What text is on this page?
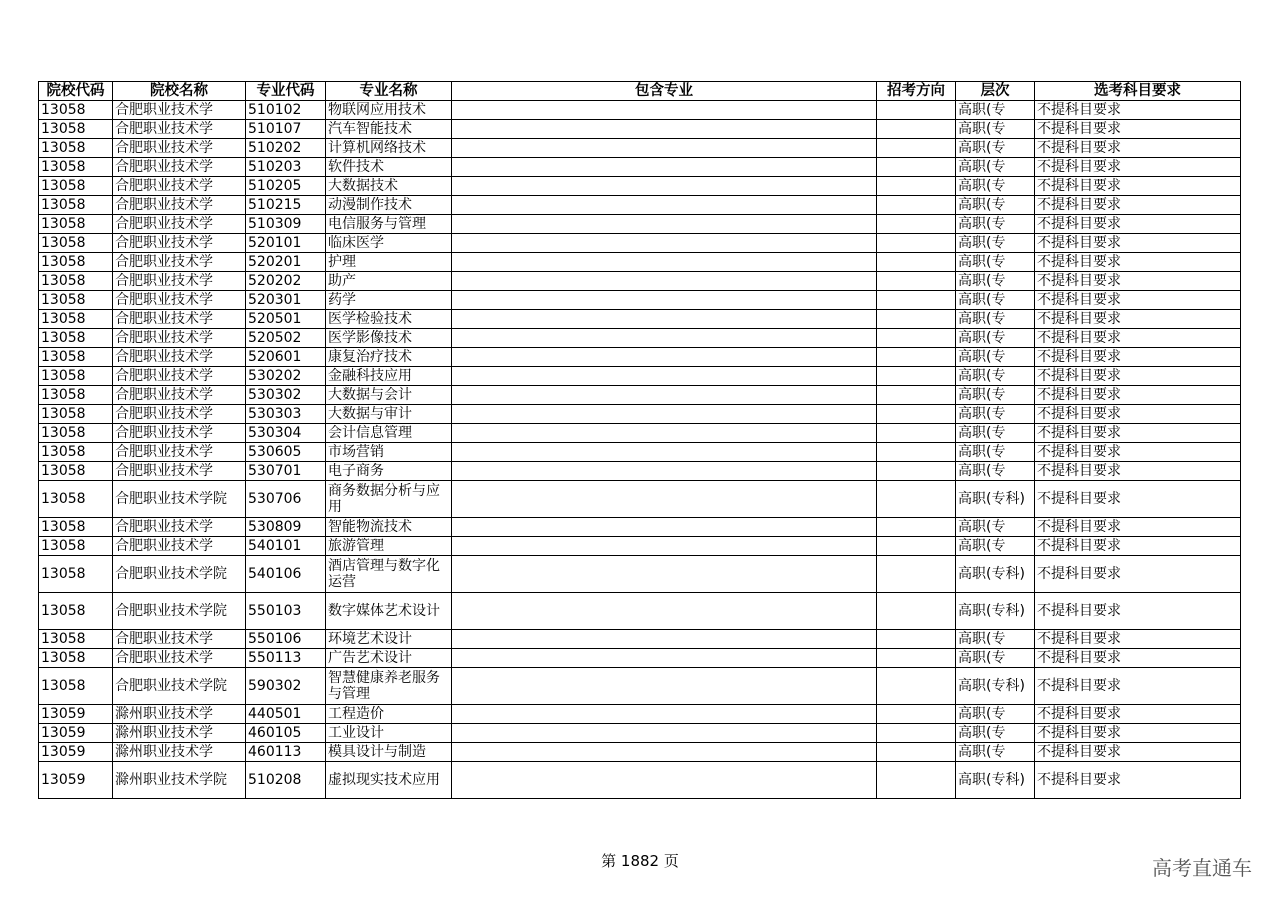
院校代码	院校名称	专业代码	专业名称	包含专业	招考方向	层次	选考科目要求
13058	合肥职业技术学	510102	物联网应用技术			高职(专	不提科目要求
13058	合肥职业技术学	510107	汽车智能技术			高职(专	不提科目要求
13058	合肥职业技术学	510202	计算机网络技术			高职(专	不提科目要求
13058	合肥职业技术学	510203	软件技术			高职(专	不提科目要求
13058	合肥职业技术学	510205	大数据技术			高职(专	不提科目要求
13058	合肥职业技术学	510215	动漫制作技术			高职(专	不提科目要求
13058	合肥职业技术学	510309	电信服务与管理			高职(专	不提科目要求
13058	合肥职业技术学	520101	临床医学			高职(专	不提科目要求
13058	合肥职业技术学	520201	护理			高职(专	不提科目要求
13058	合肥职业技术学	520202	助产			高职(专	不提科目要求
13058	合肥职业技术学	520301	药学			高职(专	不提科目要求
13058	合肥职业技术学	520501	医学检验技术			高职(专	不提科目要求
13058	合肥职业技术学	520502	医学影像技术			高职(专	不提科目要求
13058	合肥职业技术学	520601	康复治疗技术			高职(专	不提科目要求
13058	合肥职业技术学	530202	金融科技应用			高职(专	不提科目要求
13058	合肥职业技术学	530302	大数据与会计			高职(专	不提科目要求
13058	合肥职业技术学	530303	大数据与审计			高职(专	不提科目要求
13058	合肥职业技术学	530304	会计信息管理			高职(专	不提科目要求
13058	合肥职业技术学	530605	市场营销			高职(专	不提科目要求
13058	合肥职业技术学	530701	电子商务			高职(专	不提科目要求
13058	合肥职业技术学院	530706	商务数据分析与应用			高职(专科)	不提科目要求
13058	合肥职业技术学	530809	智能物流技术			高职(专	不提科目要求
13058	合肥职业技术学	540101	旅游管理			高职(专	不提科目要求
13058	合肥职业技术学院	540106	酒店管理与数字化运营			高职(专科)	不提科目要求
13058	合肥职业技术学院	550103	数字媒体艺术设计			高职(专科)	不提科目要求
13058	合肥职业技术学	550106	环境艺术设计			高职(专	不提科目要求
13058	合肥职业技术学	550113	广告艺术设计			高职(专	不提科目要求
13058	合肥职业技术学院	590302	智慧健康养老服务与管理			高职(专科)	不提科目要求
13059	滁州职业技术学	440501	工程造价			高职(专	不提科目要求
13059	滁州职业技术学	460105	工业设计			高职(专	不提科目要求
13059	滁州职业技术学	460113	模具设计与制造			高职(专	不提科目要求
13059	滁州职业技术学院	510208	虚拟现实技术应用			高职(专科)	不提科目要求
第 1882 页	高考直通车
